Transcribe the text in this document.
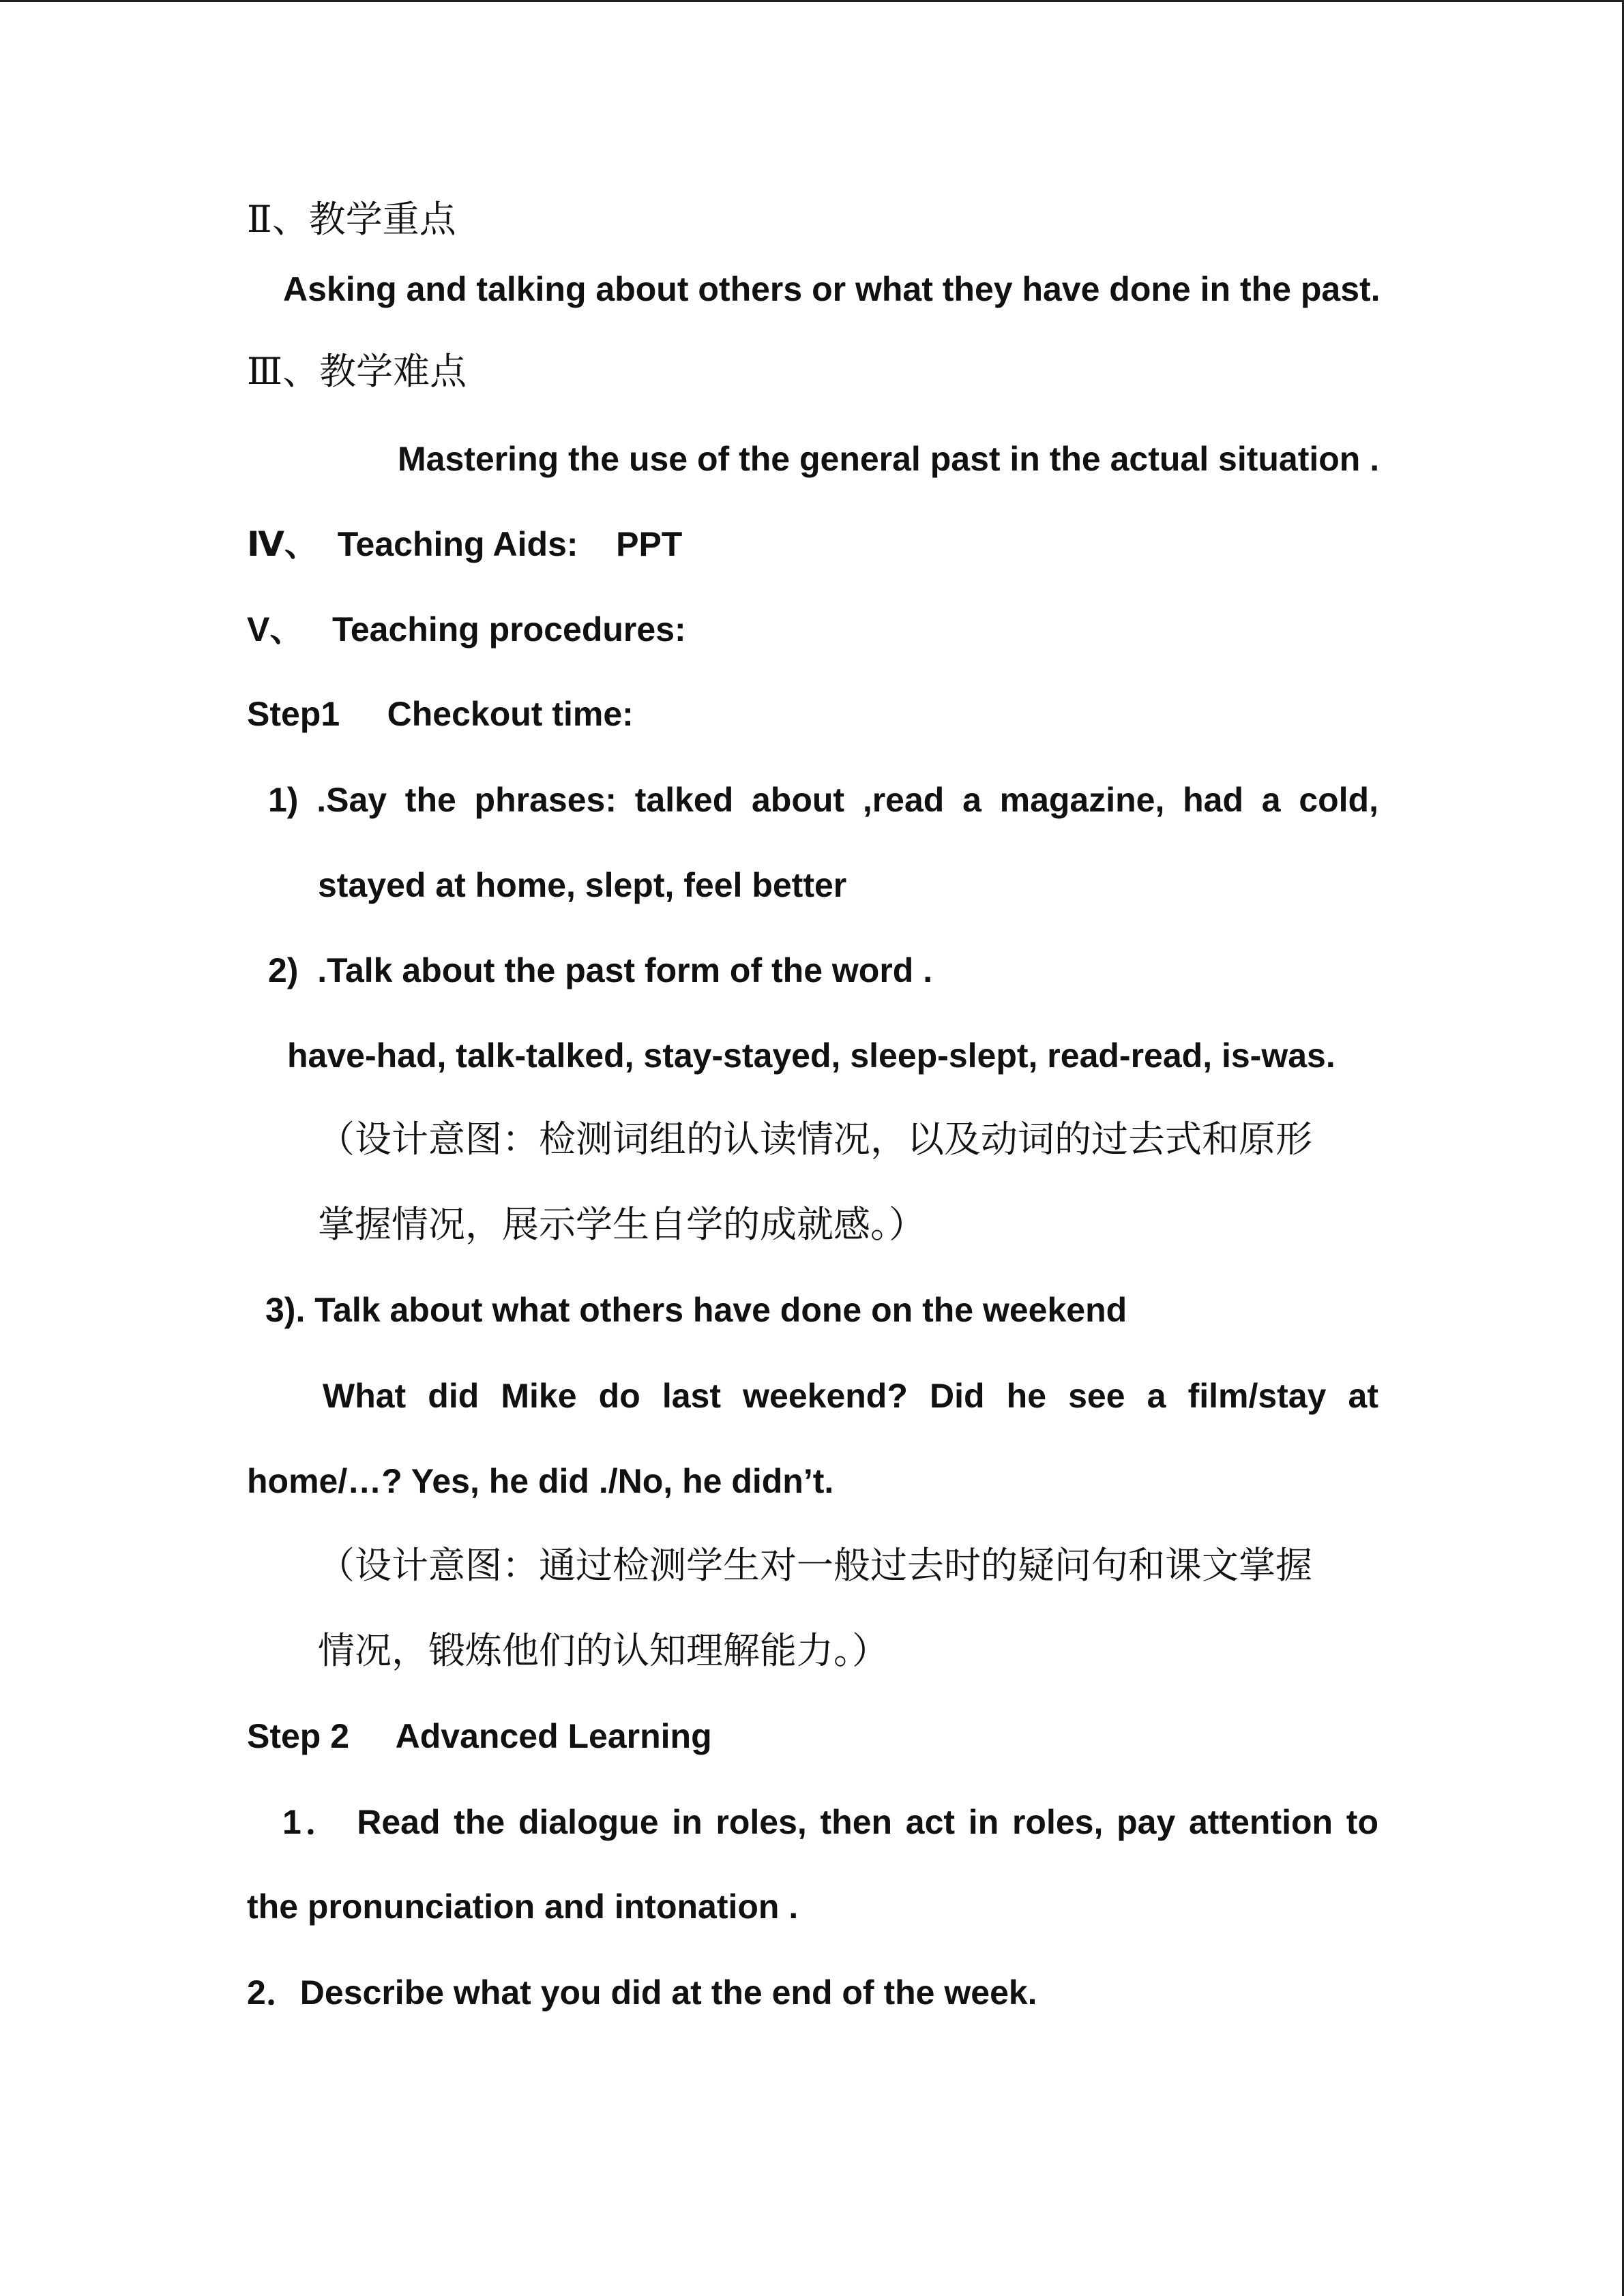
Ⅱ、教学重点
Asking and talking about others or what they have done in the past.
Ⅲ、教学难点
Mastering the use of the general past in the actual situation .
Ⅳ、  Teaching Aids:    PPT
V、   Teaching procedures:
Step1     Checkout time:
1) .Say the phrases: talked about ,read a magazine, had a cold,
stayed at home, slept, feel better
2)  .Talk about the past form of the word .
have-had, talk-talked, stay-stayed, sleep-slept, read-read, is-was.
（设计意图：检测词组的认读情况，以及动词的过去式和原形
掌握情况，展示学生自学的成就感。）
3). Talk about what others have done on the weekend
What did Mike do last weekend? Did he see a film/stay at
home/…? Yes, he did ./No, he didn’t.
（设计意图：通过检测学生对一般过去时的疑问句和课文掌握
情况，锻炼他们的认知理解能力。）
Step 2     Advanced Learning
1． Read the dialogue in roles, then act in roles, pay attention to
the pronunciation and intonation .
2．Describe what you did at the end of the week.
